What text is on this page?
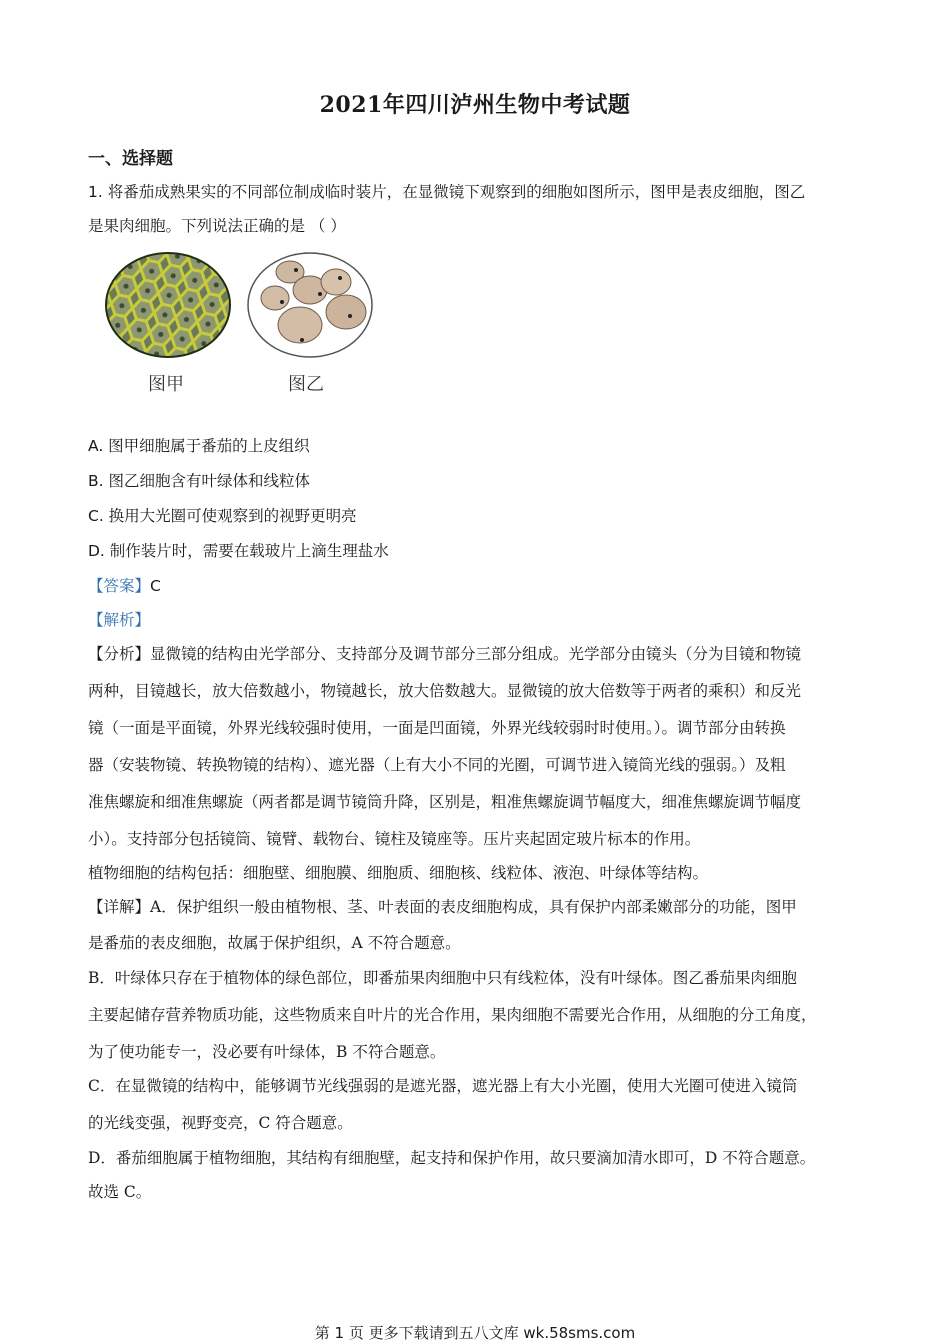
2021年四川泸州生物中考试题
一、选择题
1. 将番茄成熟果实的不同部位制成临时装片，在显微镜下观察到的细胞如图所示，图甲是表皮细胞，图乙
是果肉细胞。下列说法正确的是 （ ）
图甲	图乙
A. 图甲细胞属于番茄的上皮组织
B. 图乙细胞含有叶绿体和线粒体
C. 换用大光圈可使观察到的视野更明亮
D. 制作装片时，需要在载玻片上滴生理盐水
【答案】C
【解析】
【分析】显微镜的结构由光学部分、支持部分及调节部分三部分组成。光学部分由镜头（分为目镜和物镜
两种，目镜越长，放大倍数越小，物镜越长，放大倍数越大。显微镜的放大倍数等于两者的乘积）和反光
镜（一面是平面镜，外界光线较强时使用，一面是凹面镜，外界光线较弱时时使用。）。调节部分由转换
器（安装物镜、转换物镜的结构）、遮光器（上有大小不同的光圈，可调节进入镜筒光线的强弱。）及粗
准焦螺旋和细准焦螺旋（两者都是调节镜筒升降，区别是，粗准焦螺旋调节幅度大，细准焦螺旋调节幅度
小）。支持部分包括镜筒、镜臂、载物台、镜柱及镜座等。压片夹起固定玻片标本的作用。
植物细胞的结构包括：细胞壁、细胞膜、细胞质、细胞核、线粒体、液泡、叶绿体等结构。
【详解】A．保护组织一般由植物根、茎、叶表面的表皮细胞构成，具有保护内部柔嫩部分的功能，图甲
是番茄的表皮细胞，故属于保护组织，A 不符合题意。
B．叶绿体只存在于植物体的绿色部位，即番茄果肉细胞中只有线粒体，没有叶绿体。图乙番茄果肉细胞
主要起储存营养物质功能，这些物质来自叶片的光合作用，果肉细胞不需要光合作用，从细胞的分工角度，
为了使功能专一，没必要有叶绿体，B 不符合题意。
C．在显微镜的结构中，能够调节光线强弱的是遮光器，遮光器上有大小光圈，使用大光圈可使进入镜筒
的光线变强，视野变亮，C 符合题意。
D．番茄细胞属于植物细胞，其结构有细胞壁，起支持和保护作用，故只要滴加清水即可，D 不符合题意。
故选 C。
第 1 页 更多下载请到五八文库 wk.58sms.com
